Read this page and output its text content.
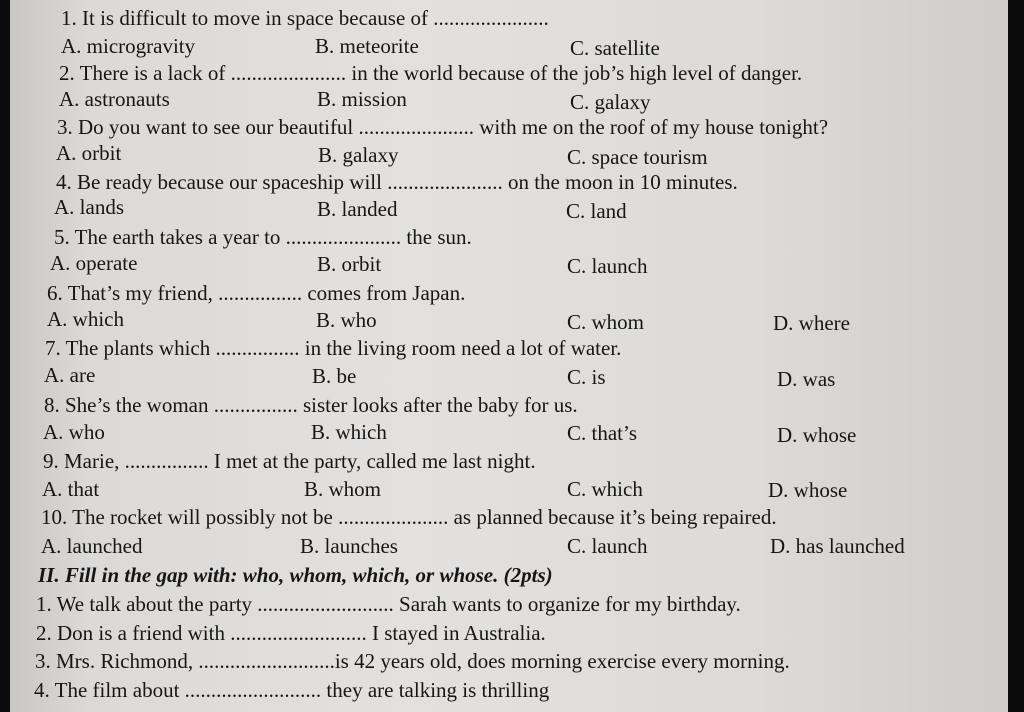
1. It is difficult to move in space because of ......................
A. microgravity	B. meteorite	C. satellite
2. There is a lack of ...................... in the world because of the job’s high level of danger.
A. astronauts	B. mission	C. galaxy
3. Do you want to see our beautiful ...................... with me on the roof of my house tonight?
A. orbit	B. galaxy	C. space tourism
4. Be ready because our spaceship will ...................... on the moon in 10 minutes.
A. lands	B. landed	C. land
5. The earth takes a year to ...................... the sun.
A. operate	B. orbit	C. launch
6. That’s my friend, ................ comes from Japan.
A. which	B. who	C. whom	D. where
7. The plants which ................ in the living room need a lot of water.
A. are	B. be	C. is	D. was
8. She’s the woman ................ sister looks after the baby for us.
A. who	B. which	C. that’s	D. whose
9. Marie, ................ I met at the party, called me last night.
A. that	B. whom	C. which	D. whose
10. The rocket will possibly not be ..................... as planned because it’s being repaired.
A. launched	B. launches	C. launch	D. has launched
II. Fill in the gap with: who, whom, which, or whose. (2pts)
1. We talk about the party .......................... Sarah wants to organize for my birthday.
2. Don is a friend with .......................... I stayed in Australia.
3. Mrs. Richmond, ..........................is 42 years old, does morning exercise every morning.
4. The film about .......................... they are talking is thrilling
